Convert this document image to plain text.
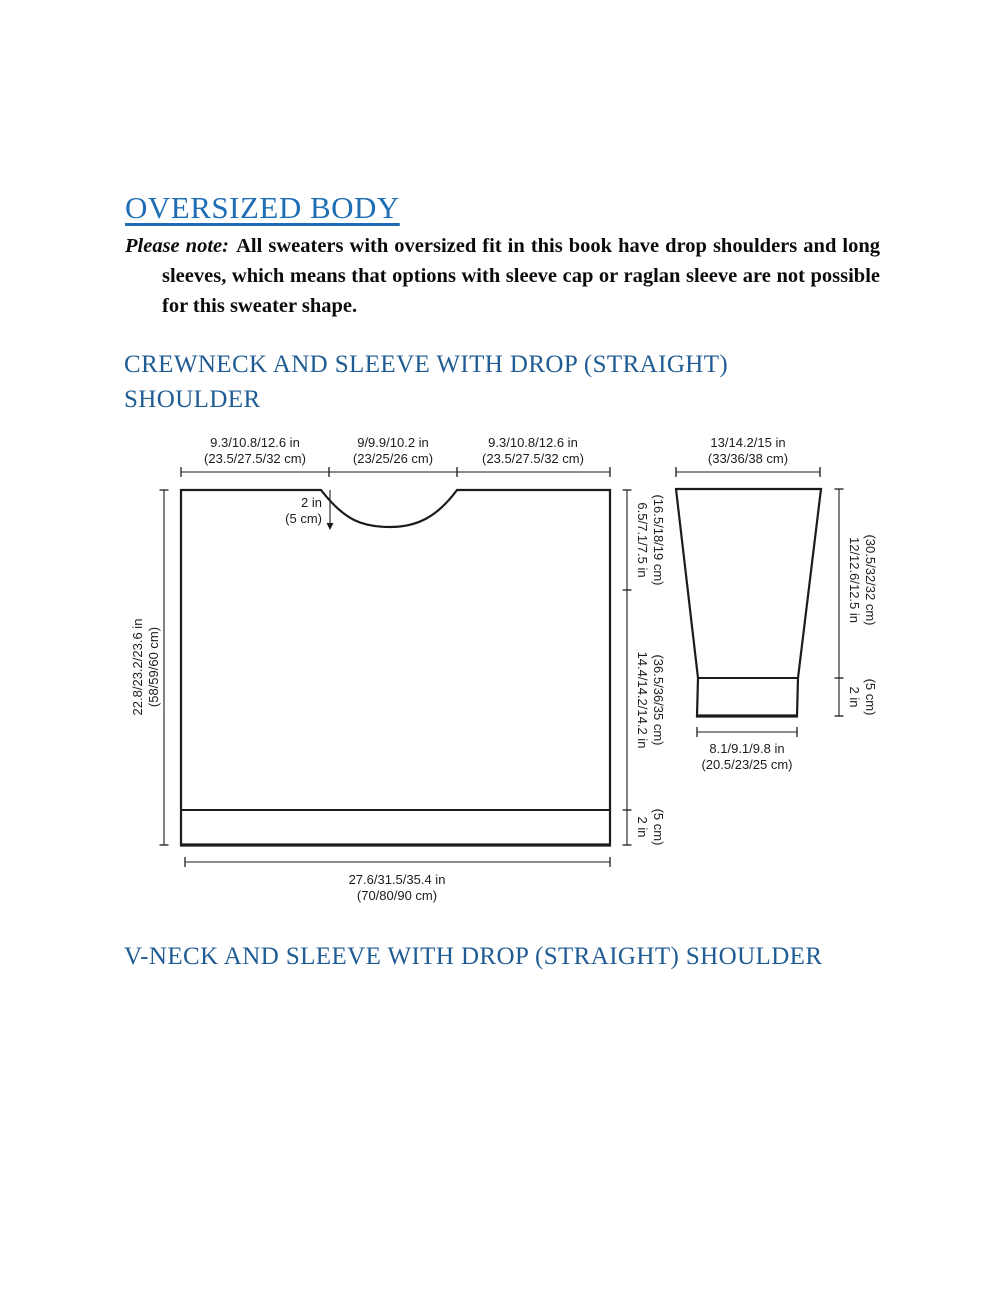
OVERSIZED BODY

Please note: All sweaters with oversized fit in this book have drop shoulders and long sleeves, which means that options with sleeve cap or raglan sleeve are not possible for this sweater shape.

CREWNECK AND SLEEVE WITH DROP (STRAIGHT) SHOULDER
2 in
(5 cm)
9.3/10.8/12.6 in
(23.5/27.5/32 cm)
9/9.9/10.2 in
(23/25/26 cm)
9.3/10.8/12.6 in
(23.5/27.5/32 cm)
22.8/23.2/23.6 in (58/59/60 cm)
6.5/7.1/7.5 in (16.5/18/19 cm)
14.4/14.2/14.2 in (36.5/36/35 cm)
2 in (5 cm)
27.6/31.5/35.4 in
(70/80/90 cm)
13/14.2/15 in
(33/36/38 cm)
12/12.6/12.5 in (30.5/32/32 cm)
2 in (5 cm)
8.1/9.1/9.8 in
(20.5/23/25 cm)
V-NECK AND SLEEVE WITH DROP (STRAIGHT) SHOULDER
